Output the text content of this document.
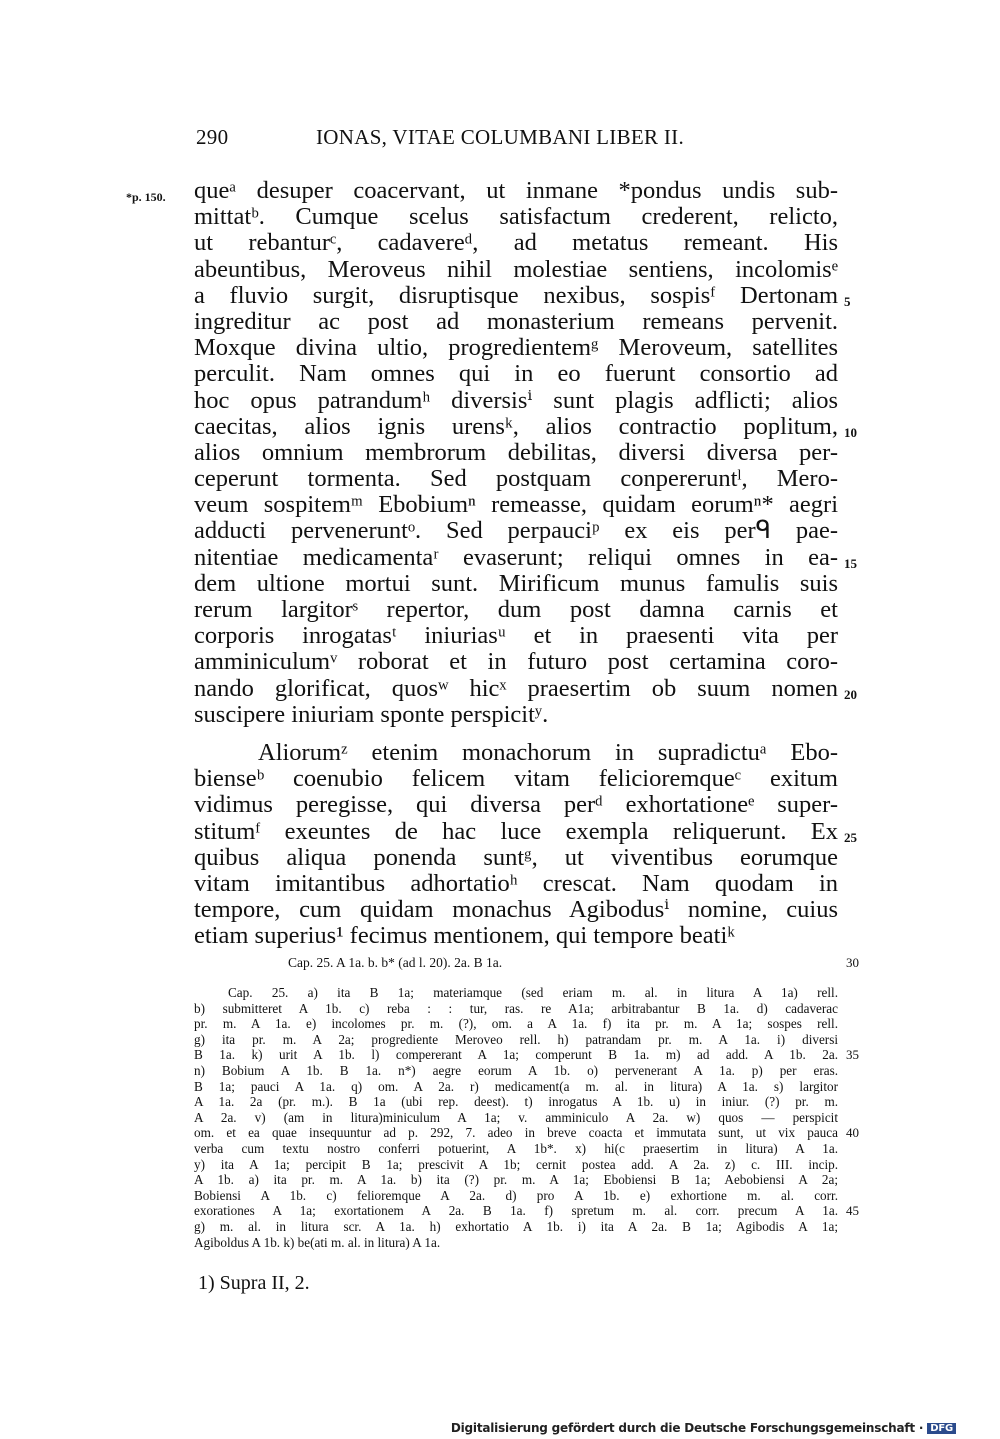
290	IONAS, VITAE COLUMBANI LIBER II.
*p. 150. queᵃ desuper coacervant, ut inmane *pondus undis sub-
mittatᵇ. Cumque scelus satisfactum crederent, relicto,
ut rebanturᶜ, cadavereᵈ, ad metatus remeant. His
abeuntibus, Meroveus nihil molestiae sentiens, incolomisᵉ
a fluvio surgit, disruptisque nexibus, sospisᶠ Dertonam 5
ingreditur ac post ad monasterium remeans pervenit.
Moxque divina ultio, progredientemᵍ Meroveum, satellites
perculit. Nam omnes qui in eo fuerunt consortio ad
hoc opus patrandumʰ diversisⁱ sunt plagis adflicti; alios
caecitas, alios ignis urensᵏ, alios contractio poplitum, 10
alios omnium membrorum debilitas, diversi diversa per-
ceperunt tormenta. Sed postquam conpereruntˡ, Mero-
veum sospitemᵐ Ebobiumⁿ remeasse, quidam eorumⁿ* aegri
adducti perveneruntᵒ. Sed perpauciᵖ ex eis perᑫ pae-
nitentiae medicamentaʳ evaserunt; reliqui omnes in ea- 15
dem ultione mortui sunt. Mirificum munus famulis suis
rerum largitorˢ repertor, dum post damna carnis et
corporis inrogatasᵗ iniuriasᵘ et in praesenti vita per
amminiculumᵛ roborat et in futuro post certamina coro-
nando glorificat, quosʷ hicˣ praesertim ob suum nomen 20
suscipere iniuriam sponte perspicitʸ.
Aliorumᶻ etenim monachorum in supradictuᵃ Ebo-
bienseᵇ coenubio felicem vitam felicioremqueᶜ exitum
vidimus peregisse, qui diversa perᵈ exhortationeᵉ super-
stitumᶠ exeuntes de hac luce exempla reliquerunt. Ex 25
quibus aliqua ponenda suntᵍ, ut viventibus eorumque
vitam imitantibus adhortatioʰ crescat. Nam quodam in
tempore, cum quidam monachus Agibodusⁱ nomine, cuius
etiam superius¹ fecimus mentionem, qui tempore beatiᵏ
Cap. 25. A 1a. b. b* (ad l. 20). 2a. B 1a.	30
Cap. 25. a) ita B 1a; materiamque (sed eriam m. al. in litura A 1a) rell.
b) submitteret A 1b. c) reba : : tur, ras. re A1a; arbitrabantur B 1a. d) cadaverac
pr. m. A 1a. e) incolomes pr. m. (?), om. a A 1a. f) ita pr. m. A 1a; sospes rell.
g) ita pr. m. A 2a; progrediente Meroveo rell. h) patrandam pr. m. A 1a. i) diversi
B 1a. k) urit A 1b. l) compererant A 1a; comperunt B 1a. m) ad add. A 1b. 2a. 35
n) Bobium A 1b. B 1a. n*) aegre eorum A 1b. o) pervenerant A 1a. p) per eras.
B 1a; pauci A 1a. q) om. A 2a. r) medicament(a m. al. in litura) A 1a. s) largitor
A 1a. 2a (pr. m.). B 1a (ubi rep. deest). t) inrogatus A 1b. u) in iniur. (?) pr. m.
A 2a. v) (am in litura)miniculum A 1a; v. amminiculo A 2a. w) quos — perspicit
om. et ea quae insequuntur ad p. 292, 7. adeo in breve coacta et immutata sunt, ut vix pauca 40
verba cum textu nostro conferri potuerint, A 1b*. x) hi(c praesertim in litura) A 1a.
y) ita A 1a; percipit B 1a; prescivit A 1b; cernit postea add. A 2a. z) c. III. incip.
A 1b. a) ita pr. m. A 1a. b) ita (?) pr. m. A 1a; Ebobiensi B 1a; Aebobiensi A 2a;
Bobiensi A 1b. c) felioremque A 2a. d) pro A 1b. e) exhortione m. al. corr.
exorationes A 1a; exortationem A 2a. B 1a. f) spretum m. al. corr. precum A 1a. 45
g) m. al. in litura scr. A 1a. h) exhortatio A 1b. i) ita A 2a. B 1a; Agibodis A 1a;
Agiboldus A 1b. k) be(ati m. al. in litura) A 1a.
1) Supra II, 2.
Digitalisierung gefördert durch die Deutsche Forschungsgemeinschaft · DFG
